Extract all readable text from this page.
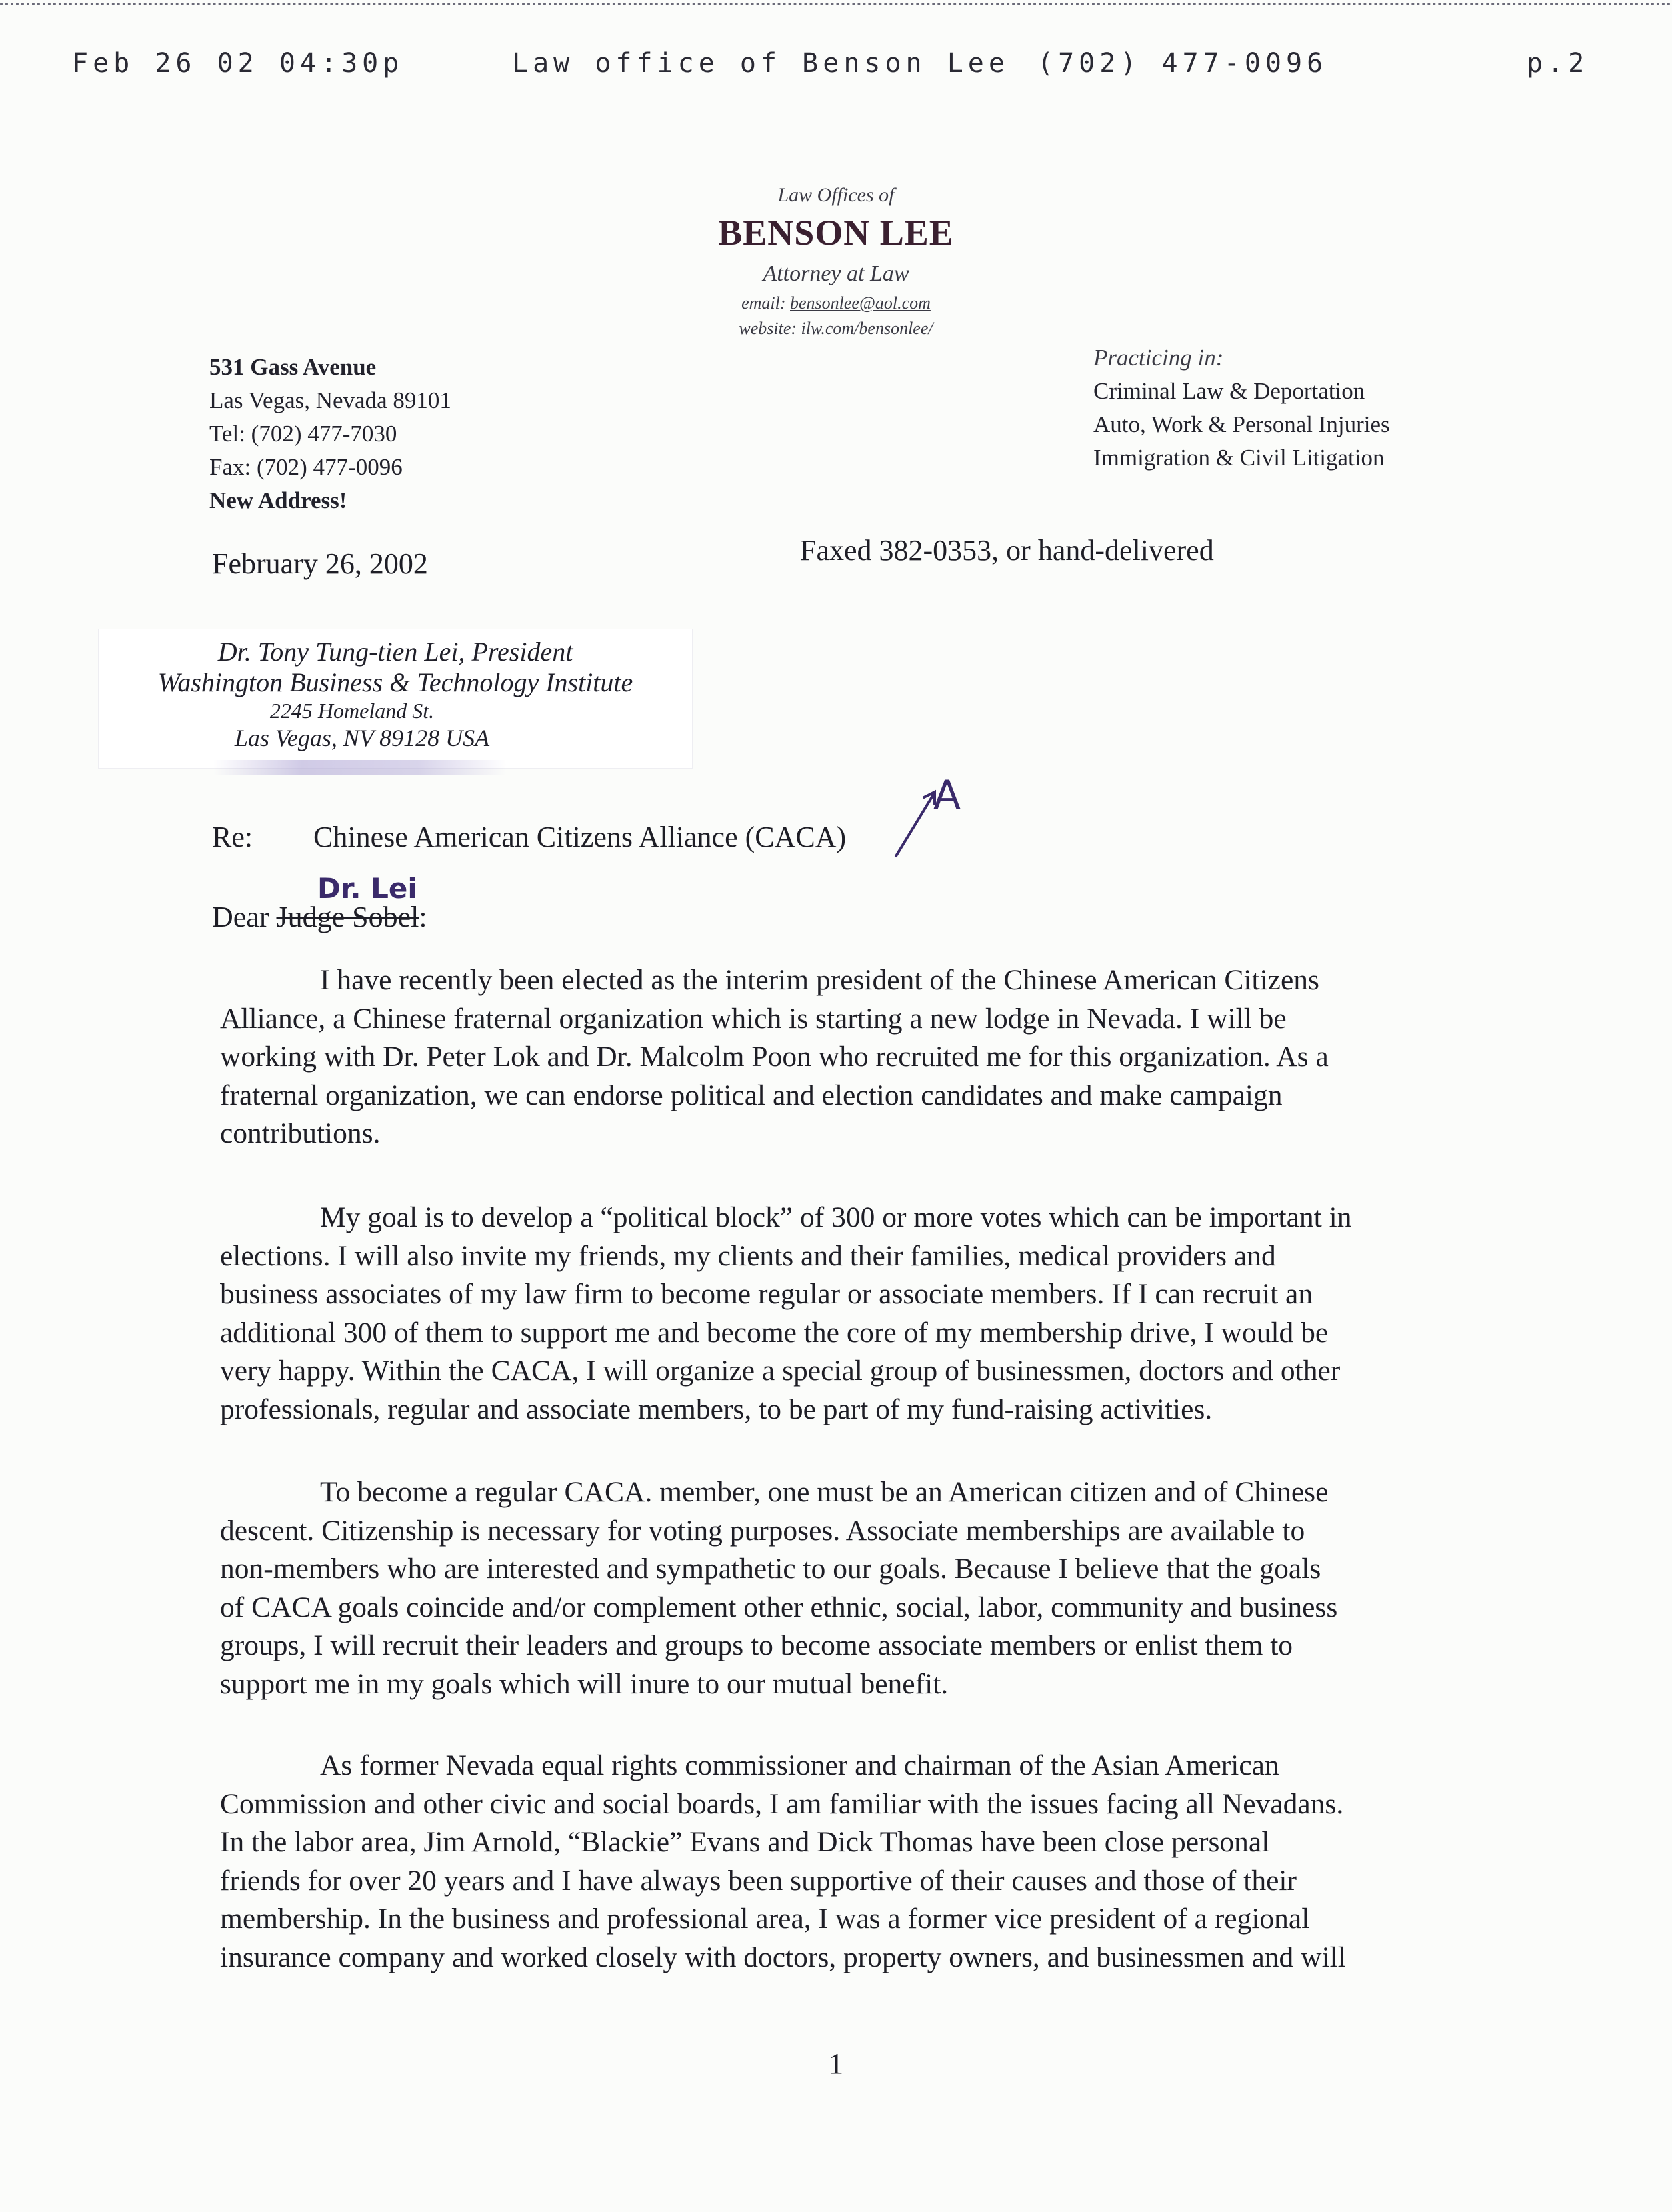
Feb 26 02 04:30p	Law office of Benson Lee (702) 477-0096	p.2
Law Offices of
BENSON LEE
Attorney at Law
email: bensonlee@aol.com
website: ilw.com/bensonlee/
531 Gass Avenue
Las Vegas, Nevada 89101
Tel: (702) 477-7030
Fax: (702) 477-0096
New Address!
Practicing in:
Criminal Law & Deportation
Auto, Work & Personal Injuries
Immigration & Civil Litigation
February 26, 2002	Faxed 382-0353, or hand-delivered
Dr. Tony Tung-tien Lei, President
Washington Business & Technology Institute
2245 Homeland St.
Las Vegas, NV 89128 USA
Re: Chinese American Citizens Alliance (CACA)
A
Dear Judge Sobel:
Dr. Lei
I have recently been elected as the interim president of the Chinese American Citizens
Alliance, a Chinese fraternal organization which is starting a new lodge in Nevada. I will be
working with Dr. Peter Lok and Dr. Malcolm Poon who recruited me for this organization. As a
fraternal organization, we can endorse political and election candidates and make campaign
contributions.
My goal is to develop a “political block” of 300 or more votes which can be important in
elections. I will also invite my friends, my clients and their families, medical providers and
business associates of my law firm to become regular or associate members. If I can recruit an
additional 300 of them to support me and become the core of my membership drive, I would be
very happy. Within the CACA, I will organize a special group of businessmen, doctors and other
professionals, regular and associate members, to be part of my fund-raising activities.
To become a regular CACA. member, one must be an American citizen and of Chinese
descent. Citizenship is necessary for voting purposes. Associate memberships are available to
non-members who are interested and sympathetic to our goals. Because I believe that the goals
of CACA goals coincide and/or complement other ethnic, social, labor, community and business
groups, I will recruit their leaders and groups to become associate members or enlist them to
support me in my goals which will inure to our mutual benefit.
As former Nevada equal rights commissioner and chairman of the Asian American
Commission and other civic and social boards, I am familiar with the issues facing all Nevadans.
In the labor area, Jim Arnold, “Blackie” Evans and Dick Thomas have been close personal
friends for over 20 years and I have always been supportive of their causes and those of their
membership. In the business and professional area, I was a former vice president of a regional
insurance company and worked closely with doctors, property owners, and businessmen and will
1
